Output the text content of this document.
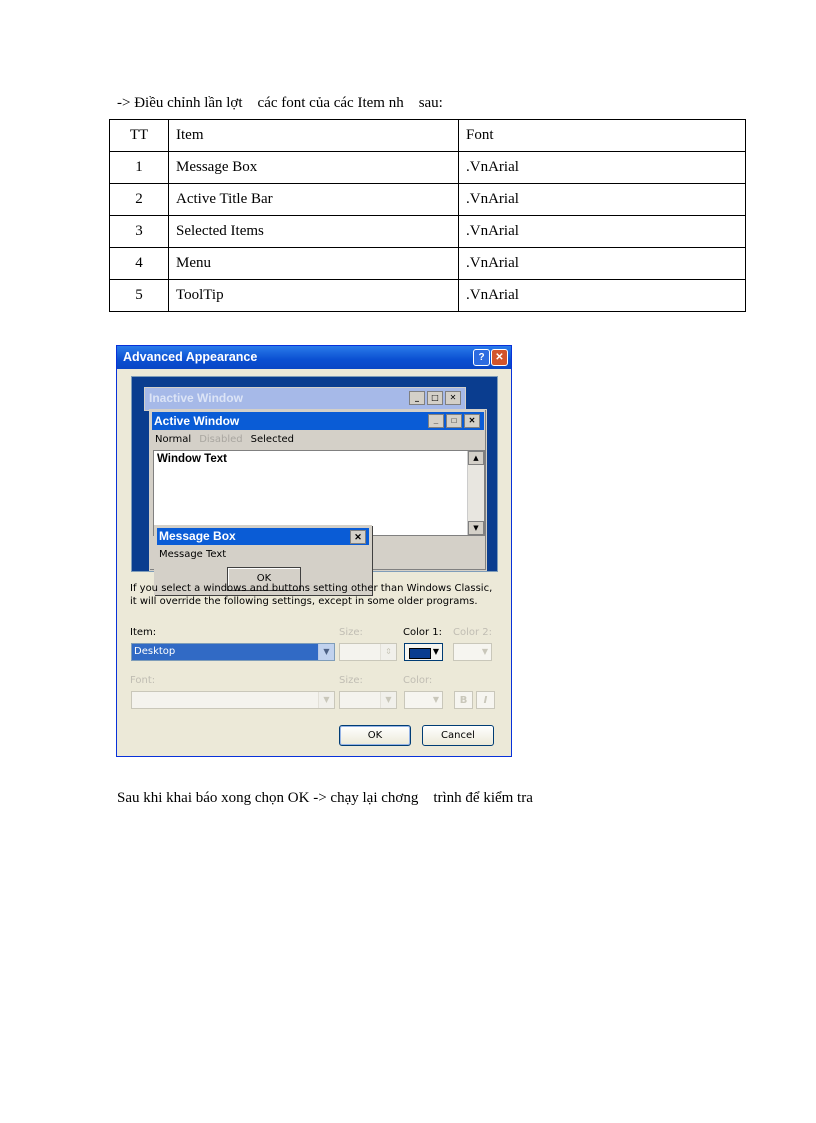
-> Điều chỉnh lần lợt    các font của các Item nh    sau:
TT	Item	Font
1	Message Box	.VnArial
2	Active Title Bar	.VnArial
3	Selected Items	.VnArial
4	Menu	.VnArial
5	ToolTip	.VnArial
Advanced Appearance	?	✕
Inactive Window	_	□	✕
Active Window	_	□	✕
Normal Disabled Selected
Window Text	▲
▼
Message Box	✕
Message Text
OK
If you select a windows and buttons setting other than Windows Classic,
it will override the following settings, except in some older programs.
Item:
Desktop	▼
Size:
⇕
Color 1:
▼
Color 2:
▼
Font:
▼
Size:
▼
Color:
▼	B	I
OK	Cancel
Sau khi khai báo xong chọn OK -> chạy lại chơng    trình để kiểm tra
